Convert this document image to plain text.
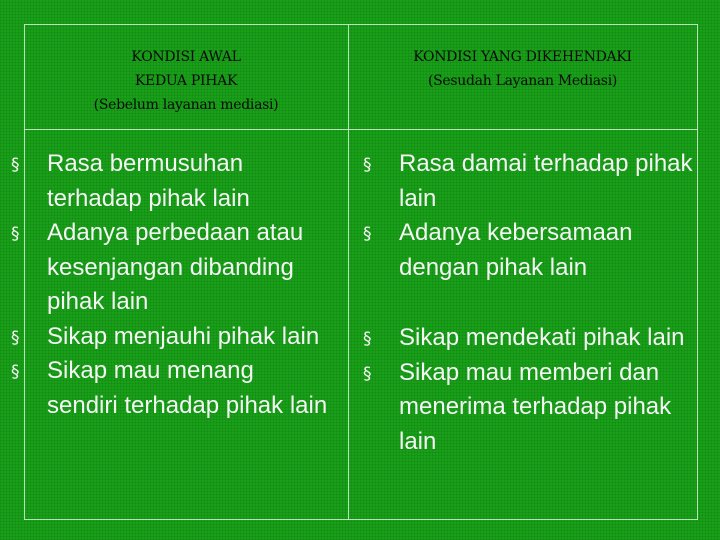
KONDISI AWAL
KEDUA PIHAK
(Sebelum layanan mediasi)
KONDISI YANG DIKEHENDAKI
(Sesudah Layanan Mediasi)
§ Rasa bermusuhan terhadap pihak lain
§ Adanya perbedaan atau kesenjangan dibanding pihak lain
§ Sikap menjauhi pihak lain
§ Sikap mau menang sendiri terhadap pihak lain
§ Rasa damai terhadap pihak lain
§ Adanya kebersamaan dengan pihak lain
§ Sikap mendekati pihak lain
§ Sikap mau memberi dan menerima terhadap pihak lain
